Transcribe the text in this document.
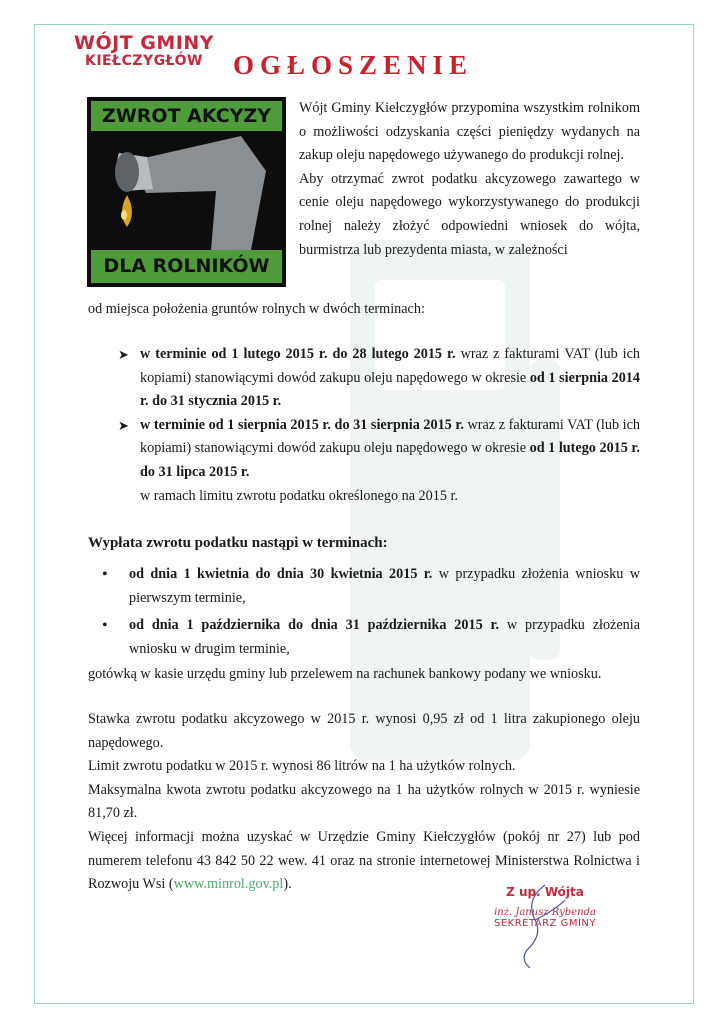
WÓJT GMINY
KIEŁCZYGŁÓW	OGŁOSZENIE
ZWROT AKCYZY
DLA ROLNIKÓW

Wójt Gminy Kiełczygłów przypomina wszystkim rolnikom o możliwości odzyskania części pieniędzy wydanych na zakup oleju napędowego używanego do produkcji rolnej.

Aby otrzymać zwrot podatku akcyzowego zawartego w cenie oleju napędowego wykorzystywanego do produkcji rolnej należy złożyć odpowiedni wniosek do wójta, burmistrza lub prezydenta miasta, w zależności

od miejsca położenia gruntów rolnych w dwóch terminach:
➤ w terminie od 1 lutego 2015 r. do 28 lutego 2015 r. wraz z fakturami VAT (lub ich kopiami) stanowiącymi dowód zakupu oleju napędowego w okresie od 1 sierpnia 2014 r. do 31 stycznia 2015 r.
➤ w terminie od 1 sierpnia 2015 r. do 31 sierpnia 2015 r. wraz z fakturami VAT (lub ich kopiami) stanowiącymi dowód zakupu oleju napędowego w okresie od 1 lutego 2015 r. do 31 lipca 2015 r.
w ramach limitu zwrotu podatku określonego na 2015 r.
Wypłata zwrotu podatku nastąpi w terminach:
• od dnia 1 kwietnia do dnia 30 kwietnia 2015 r. w przypadku złożenia wniosku w pierwszym terminie,
• od dnia 1 października do dnia 31 października 2015 r. w przypadku złożenia wniosku w drugim terminie,
gotówką w kasie urzędu gminy lub przelewem na rachunek bankowy podany we wniosku.

Stawka zwrotu podatku akcyzowego w 2015 r. wynosi 0,95 zł od 1 litra zakupionego oleju napędowego.

Limit zwrotu podatku w 2015 r. wynosi 86 litrów na 1 ha użytków rolnych.

Maksymalna kwota zwrotu podatku akcyzowego na 1 ha użytków rolnych w 2015 r. wyniesie 81,70 zł.

Więcej informacji można uzyskać w Urzędzie Gminy Kiełczygłów (pokój nr 27) lub pod numerem telefonu 43 842 50 22 wew. 41 oraz na stronie internetowej Ministerstwa Rolnictwa i Rozwoju Wsi (www.minrol.gov.pl).	Z up. Wójta
inż. Janusz Rybenda
SEKRETARZ GMINY
